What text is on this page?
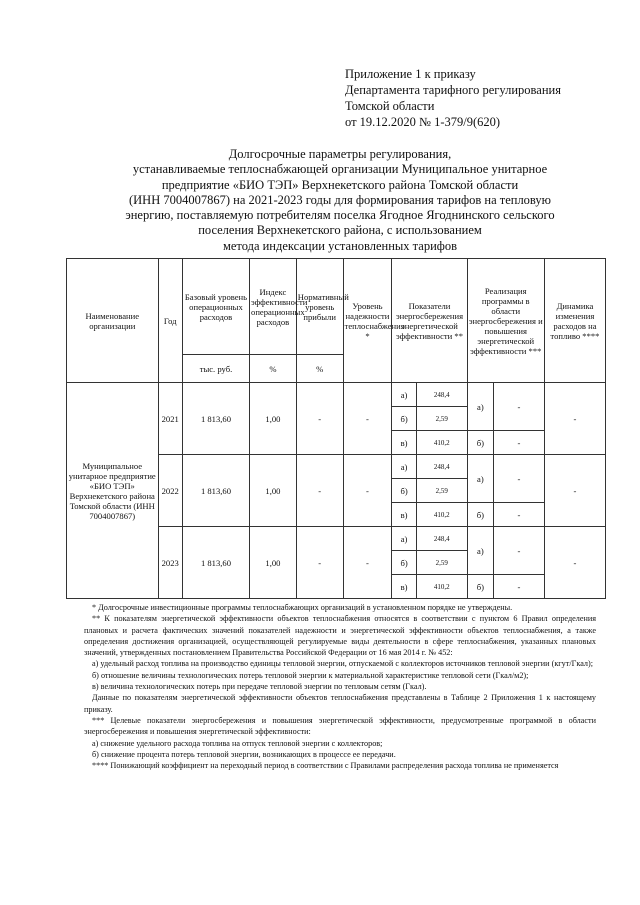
Приложение 1 к приказу
Департамента тарифного регулирования
Томской области
от 19.12.2020 № 1-379/9(620)
Долгосрочные параметры регулирования,
устанавливаемые теплоснабжающей организации Муниципальное унитарное
предприятие «БИО ТЭП» Верхнекетского района Томской области
(ИНН 7004007867) на 2021-2023 годы для формирования тарифов на тепловую
энергию, поставляемую потребителям поселка Ягодное Ягоднинского сельского
поселения Верхнекетского района, с использованием
метода индексации установленных тарифов
Наименование организации	Год	Базовый уровень операционных расходов	Индекс эффективности операционных расходов	Нормативный уровень прибыли	Уровень надежности теплоснабжения *	Показатели энергосбережения энергетической эффективности **		Реализация программы в области энергосбережения и повышения энергетической эффективности ***		Динамика изменения расходов на топливо ****
		тыс. руб.	%	%						
Муниципальное унитарное предприятие «БИО ТЭП» Верхнекетского района Томской области (ИНН 7004007867)	2021	1 813,60	1,00	-	-	а)	248,4	а)	-	-
						б)	2,59			
						в)	410,2	б)	-	
	2022	1 813,60	1,00	-	-	а)	248,4	а)	-	-
						б)	2,59			
						в)	410,2	б)	-	
	2023	1 813,60	1,00	-	-	а)	248,4	а)	-	-
						б)	2,59			
						в)	410,2	б)	-	

* Долгосрочные инвестиционные программы теплоснабжающих организаций в установленном порядке не утверждены.

** К показателям энергетической эффективности объектов теплоснабжения относятся в соответствии с пунктом 6 Правил определения плановых и расчета фактических значений показателей надежности и энергетической эффективности объектов теплоснабжения, а также определения достижения организацией, осуществляющей регулируемые виды деятельности в сфере теплоснабжения, указанных плановых значений, утвержденных постановлением Правительства Российской Федерации от 16 мая 2014 г. № 452:

а) удельный расход топлива на производство единицы тепловой энергии, отпускаемой с коллекторов источников тепловой энергии (кгут/Гкал);

б) отношение величины технологических потерь тепловой энергии к материальной характеристике тепловой сети (Гкал/м2);

в) величина технологических потерь при передаче тепловой энергии по тепловым сетям (Гкал).

Данные по показателям энергетической эффективности объектов теплоснабжения представлены в Таблице 2 Приложения 1 к настоящему приказу.

*** Целевые показатели энергосбережения и повышения энергетической эффективности, предусмотренные программой в области энергосбережения и повышения энергетической эффективности:

а) снижение удельного расхода топлива на отпуск тепловой энергии с коллекторов;

б) снижение процента потерь тепловой энергии, возникающих в процессе ее передачи.

**** Понижающий коэффициент на переходный период в соответствии с Правилами распределения расхода топлива не применяется
